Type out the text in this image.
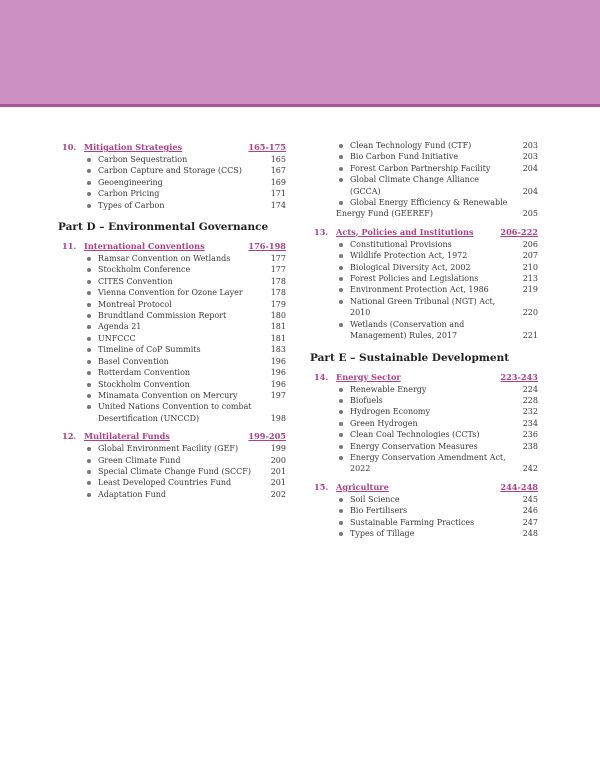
10. Mitigation Strategies	165-175
Carbon Sequestration	165
Carbon Capture and Storage (CCS)	167
Geoengineering	169
Carbon Pricing	171
Types of Carbon	174
Part D – Environmental Governance
11. International Conventions	176-198
Ramsar Convention on Wetlands	177
Stockholm Conference	177
CITES Convention	178
Vienna Convention for Ozone Layer	178
Montreal Protocol	179
Brundtland Commission Report	180
Agenda 21	181
UNFCCC	181
Timeline of CoP Summits	183
Basel Convention	196
Rotterdam Convention	196
Stockholm Convention	196
Minamata Convention on Mercury	197
United Nations Convention to combat Desertification (UNCCD)	198
12. Multilateral Funds	199-205
Global Environment Facility (GEF)	199
Green Climate Fund	200
Special Climate Change Fund (SCCF)	201
Least Developed Countries Fund	201
Adaptation Fund	202
Clean Technology Fund (CTF)	203
Bio Carbon Fund Initiative	203
Forest Carbon Partnership Facility	204
Global Climate Change Alliance (GCCA)	204
Global Energy Efficiency & Renewable
Energy Fund (GEEREF)	205
13. Acts, Policies and Institutions	206-222
Constitutional Provisions	206
Wildlife Protection Act, 1972	207
Biological Diversity Act, 2002	210
Forest Policies and Legislations	213
Environment Protection Act, 1986	219
National Green Tribunal (NGT) Act, 2010	220
Wetlands (Conservation and Management) Rules, 2017	221
Part E – Sustainable Development
14. Energy Sector	223-243
Renewable Energy	224
Biofuels	228
Hydrogen Economy	232
Green Hydrogen	234
Clean Coal Technologies (CCTs)	236
Energy Conservation Measures	238
Energy Conservation Amendment Act, 2022	242
15. Agriculture	244-248
Soil Science	245
Bio Fertilisers	246
Sustainable Farming Practices	247
Types of Tillage	248
